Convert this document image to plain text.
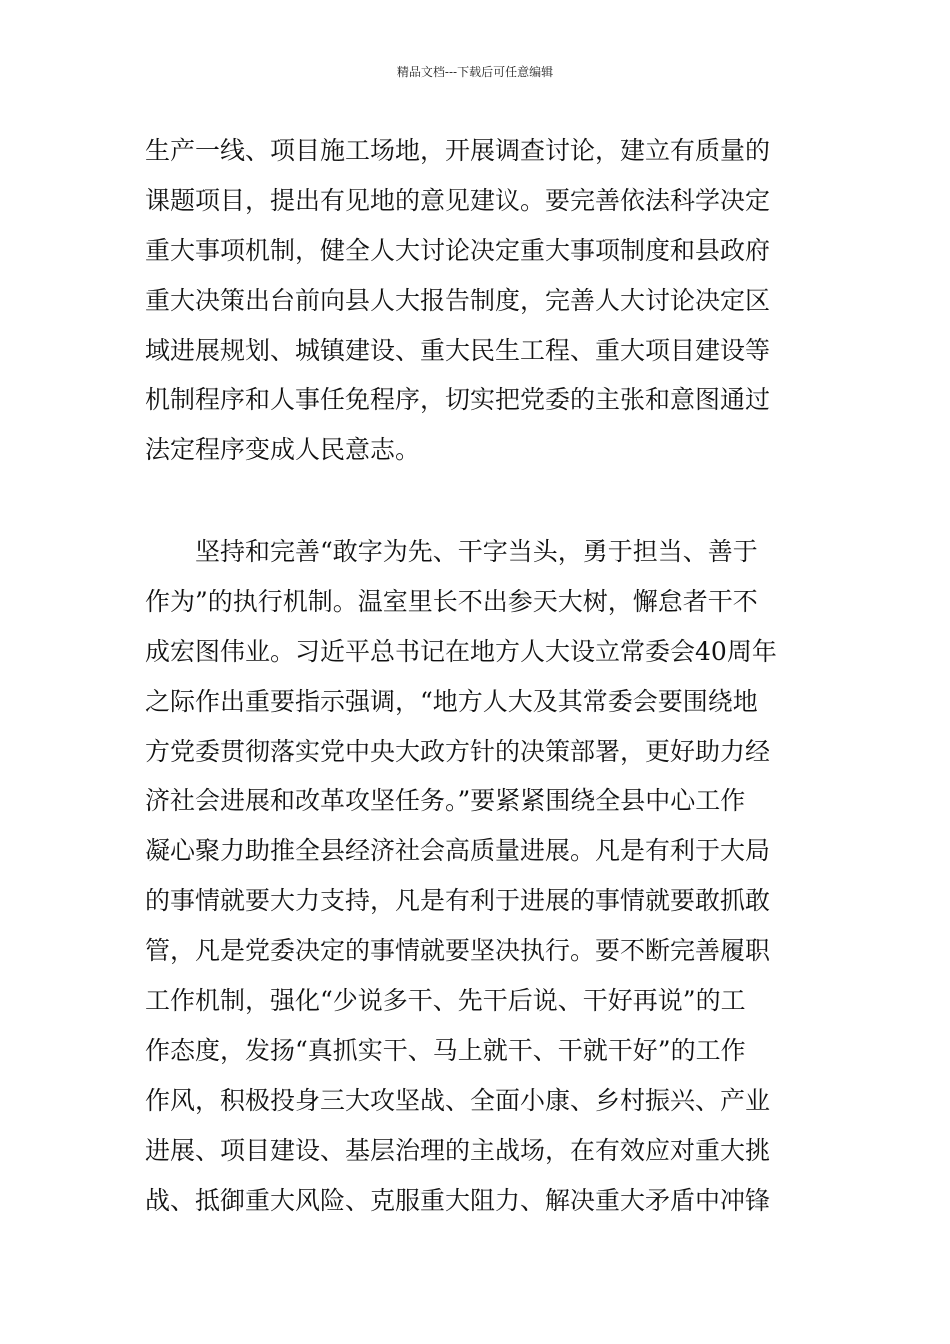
精品文档---下载后可任意编辑
生产一线、项目施工场地，开展调查讨论，建立有质量的
课题项目，提出有见地的意见建议。要完善依法科学决定
重大事项机制，健全人大讨论决定重大事项制度和县政府
重大决策出台前向县人大报告制度，完善人大讨论决定区
域进展规划、城镇建设、重大民生工程、重大项目建设等
机制程序和人事任免程序，切实把党委的主张和意图通过
法定程序变成人民意志。
　　坚持和完善“敢字为先、干字当头，勇于担当、善于
作为”的执行机制。温室里长不出参天大树，懈怠者干不
成宏图伟业。习近平总书记在地方人大设立常委会40周年
之际作出重要指示强调，“地方人大及其常委会要围绕地
方党委贯彻落实党中央大政方针的决策部署，更好助力经
济社会进展和改革攻坚任务。”要紧紧围绕全县中心工作
凝心聚力助推全县经济社会高质量进展。凡是有利于大局
的事情就要大力支持，凡是有利于进展的事情就要敢抓敢
管，凡是党委决定的事情就要坚决执行。要不断完善履职
工作机制，强化“少说多干、先干后说、干好再说”的工
作态度，发扬“真抓实干、马上就干、干就干好”的工作
作风，积极投身三大攻坚战、全面小康、乡村振兴、产业
进展、项目建设、基层治理的主战场，在有效应对重大挑
战、抵御重大风险、克服重大阻力、解决重大矛盾中冲锋
